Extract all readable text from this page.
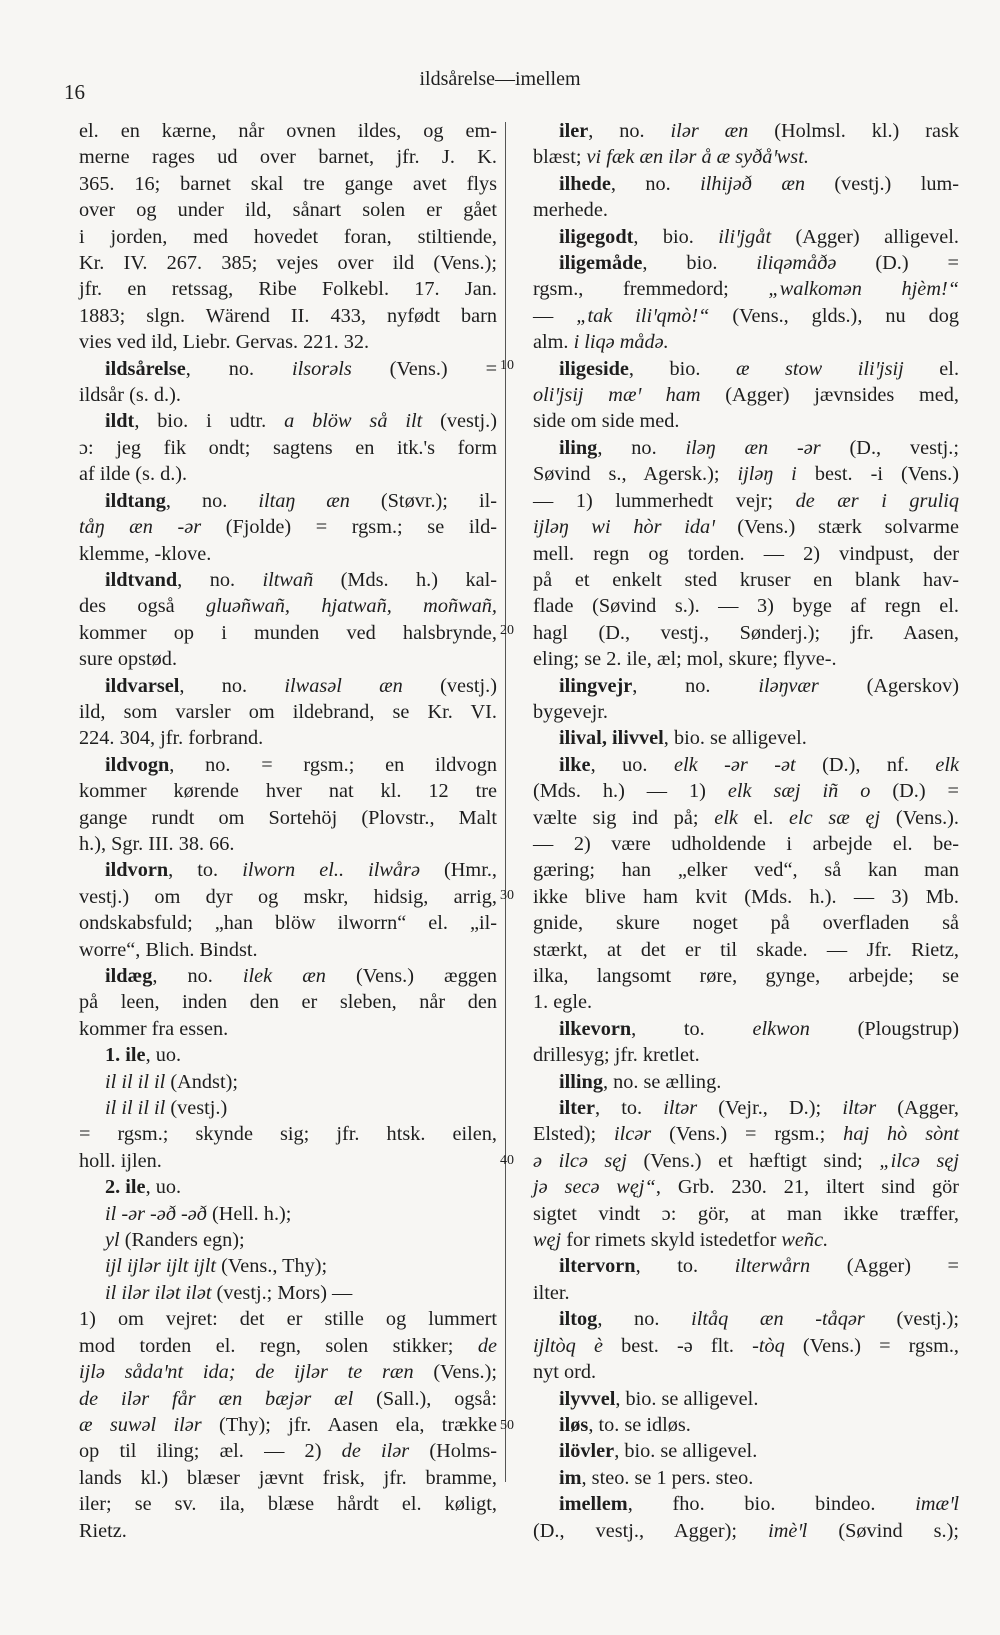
16
ildsårelse—imellem
10
20
30
40
50
el. en kærne, når ovnen ildes, og em-
merne rages ud over barnet, jfr. J. K.
365. 16; barnet skal tre gange avet flys
over og under ild, sånart solen er gået
i jorden, med hovedet foran, stiltiende,
Kr. IV. 267. 385; vejes over ild (Vens.);
jfr. en retssag, Ribe Folkebl. 17. Jan.
1883; slgn. Wärend II. 433, nyfødt barn
vies ved ild, Liebr. Gervas. 221. 32.
ildsårelse, no. ilsorəls (Vens.) =
ildsår (s. d.).
ildt, bio. i udtr. a blöw så ilt (vestj.)
ɔ: jeg fik ondt; sagtens en itk.'s form
af ilde (s. d.).
ildtang, no. iltaŋ æn (Støvr.); il-
tåŋ æn -ər (Fjolde) = rgsm.; se ild-
klemme, -klove.
ildtvand, no. iltwañ (Mds. h.) kal-
des også gluəñwañ, hjatwañ, moñwañ,
kommer op i munden ved halsbrynde,
sure opstød.
ildvarsel, no. ilwasəl æn (vestj.)
ild, som varsler om ildebrand, se Kr. VI.
224. 304, jfr. forbrand.
ildvogn, no. = rgsm.; en ildvogn
kommer kørende hver nat kl. 12 tre
gange rundt om Sortehöj (Plovstr., Malt
h.), Sgr. III. 38. 66.
ildvorn, to. ilworn el.. ilwårə (Hmr.,
vestj.) om dyr og mskr, hidsig, arrig,
ondskabsfuld; „han blöw ilworrn“ el. „il-
worre“, Blich. Bindst.
ildæg, no. ilek æn (Vens.) æggen
på leen, inden den er sleben, når den
kommer fra essen.
1. ile, uo.
il il il il (Andst);
il il il il (vestj.)
= rgsm.; skynde sig; jfr. htsk. eilen,
holl. ijlen.
2. ile, uo.
il -ər -əð -əð (Hell. h.);
yl (Randers egn);
ijl ijlər ijlt ijlt (Vens., Thy);
il ilər ilət ilət (vestj.; Mors) —
1) om vejret: det er stille og lummert
mod torden el. regn, solen stikker; de
ijlə sådaꞌnt ida; de ijlər te ræn (Vens.);
de ilər får æn bæjər æl (Sall.), også:
æ suwəl ilər (Thy); jfr. Aasen ela, trække
op til iling; æl. — 2) de ilər (Holms-
lands kl.) blæser jævnt frisk, jfr. bramme,
iler; se sv. ila, blæse hårdt el. køligt,
Rietz.
iler, no. ilər æn (Holmsl. kl.) rask
blæst; vi fæk æn ilər å æ syðåꞌwst.
ilhede, no. ilhijəð æn (vestj.) lum-
merhede.
iligegodt, bio. iliꞌjgåt (Agger) alligevel.
iligemåde, bio. iliqəmåðə (D.) =
rgsm., fremmedord; „walkomən hjèm!“
— „tak iliꞌqmò!“ (Vens., glds.), nu dog
alm. i liqə mådə.
iligeside, bio. æ stow iliꞌjsij el.
oliꞌjsij mæꞌ ham (Agger) jævnsides med,
side om side med.
iling, no. iləŋ æn -ər (D., vestj.;
Søvind s., Agersk.); ijləŋ i best. -i (Vens.)
— 1) lummerhedt vejr; de ær i gruliq
ijləŋ wi hòr idaꞌ (Vens.) stærk solvarme
mell. regn og torden. — 2) vindpust, der
på et enkelt sted kruser en blank hav-
flade (Søvind s.). — 3) byge af regn el.
hagl (D., vestj., Sønderj.); jfr. Aasen,
eling; se 2. ile, æl; mol, skure; flyve-.
ilingvejr, no. iləŋvær (Agerskov)
bygevejr.
ilival, ilivvel, bio. se alligevel.
ilke, uo. elk -ər -ət (D.), nf. elk
(Mds. h.) — 1) elk sæj iñ o (D.) =
vælte sig ind på; elk el. elc sæ ęj (Vens.).
— 2) være udholdende i arbejde el. be-
gæring; han „elker ved“, så kan man
ikke blive ham kvit (Mds. h.). — 3) Mb.
gnide, skure noget på overfladen så
stærkt, at det er til skade. — Jfr. Rietz,
ilka, langsomt røre, gynge, arbejde; se
1. egle.
ilkevorn, to. elkwon (Plougstrup)
drillesyg; jfr. kretlet.
illing, no. se ælling.
ilter, to. iltər (Vejr., D.); iltər (Agger,
Elsted); ilcər (Vens.) = rgsm.; haj hò sònt
ə ilcə sęj (Vens.) et hæftigt sind; „ilcə sęj
jə secə węj“, Grb. 230. 21, iltert sind gör
sigtet vindt ɔ: gör, at man ikke træffer,
węj for rimets skyld istedetfor weñc.
iltervorn, to. ilterwårn (Agger) =
ilter.
iltog, no. iltåq æn -tåqər (vestj.);
ijltòq è best. -ə flt. -tòq (Vens.) = rgsm.,
nyt ord.
ilyvvel, bio. se alligevel.
iløs, to. se idløs.
ilövler, bio. se alligevel.
im, steo. se 1 pers. steo.
imellem, fho. bio. bindeo. imæꞌl
(D., vestj., Agger); imèꞌl (Søvind s.);
